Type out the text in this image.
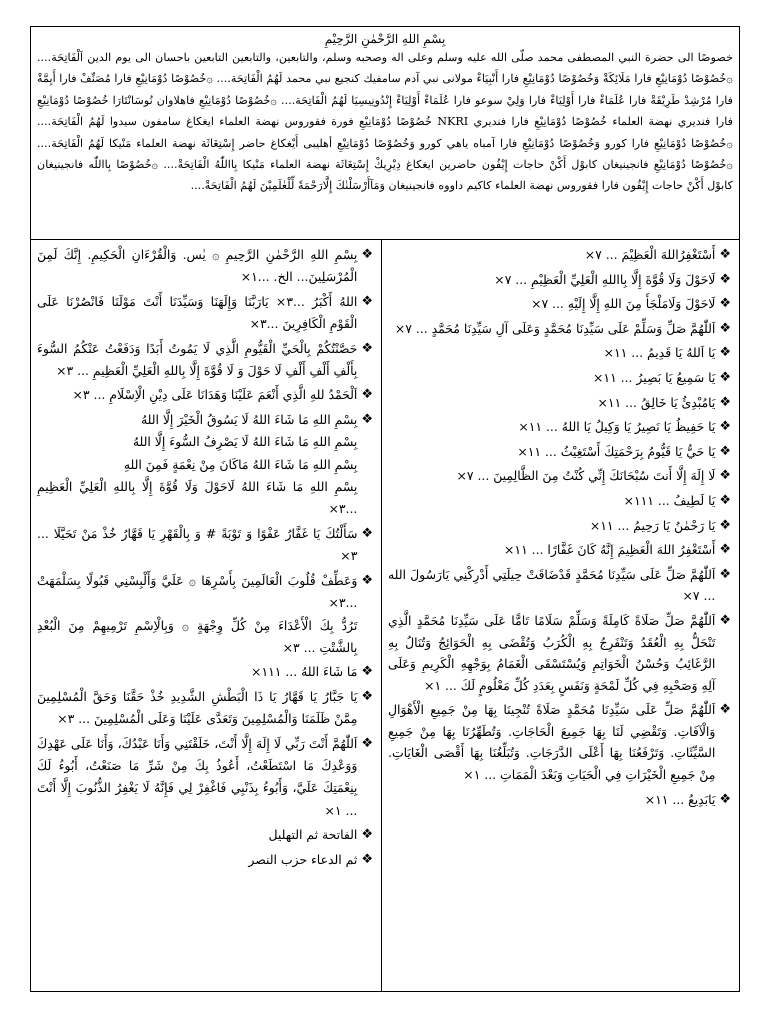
بِسْمِ اللهِ الرَّحْمٰنِ الرَّحِيْمِ
خصوصًا الى حضرة النبي المصطفى محمد صلّى الله عليه وسلم وعلى اله وصحبه وسلم، والتابعين، والتابعين التابعين باحسان الى يوم الدين اَلْفَاتِحَة.... ۞خُصُوْصًا دُوْمَانِيْعِ فارا مَلَائِكَةْ وَخُصُوْصًا دُوْمَانِيْعِ فارا أَنْبِيَاءْ مولانى نبي آدم سامفيك كنجيع نبي محمد لَهُمُ الْفَاتِحَة.... ۞خُصُوْصًا دُوْمَانِيْعِ فارا مُصَنِّفْ فارا أَيِمَّةْ فارا مُرْشِدْ طَرِيْقَةْ فارا عُلَمَاءْ فارا أَوْلِيَاءْ فارا وَلِيْ سوعو فارا عُلَمَاءْ أَوْلِيَاءْ إِنْدُونِيسِيَا لَهُمُ الْفَاتِحَة.... ۞خُصُوْصًا دُوْمَانِيْعِ فاهلاوان نُوسَانْتَارَا خُصُوْصًا دُوْمَانِيْعِ فارا فنديري نهضة العلماء خُصُوْصًا دُوْمَانِيْعِ فارا فنديري NKRI خُصُوْصًا دُوْمَانِيْعِ فورة فقوروس نهضة العلماء ايغكاغ سامفون سيدوا لَهُمُ الْفَاتِحَة.... ۞خُصُوْصًا دُوْمَانِيْعِ فارا كورو وَخُصُوْصًا دُوْمَانِيْعِ فارا آمباه ياهي كورو وَخُصُوْصًا دُوْمَانِيْعِ أهليبى أَيْغكاغ حاضر إِسْتِغَاثَة نهضة العلماء مَنْيكا لَهُمُ الْفَاتِحَة.... ۞خُصُوْصًا دُوْمَانِيْعِ فانجينيغان كابوْل أَكْنْ حاجات إِيْفُون حاضرين ايغكاغ دِيْرِيكْ إِسْتِغَاثَة نهضة العلماء مَنْيكا بِااللّٰهُ الْفَاتِحَةْ.... ۞خُصُوْصًا بِااللّٰه فانجينيغان كابوْل أَكْنْ حاجات إِيْفُون فارا فقوروس نهضة العلماء كاكيم داووه فانجينيغان وَمَآأَرْسَلْنٰكَ إِلَّارَحْمَةً لِّلْعٰلَمِيْنَ لَهُمُ الْفَاتِحَةْ....
❖
أَسْتَغْفِرُاللهَ الْعَظِيْمَ ... ٧×
❖
لَاحَوْلَ وَلَا قُوَّةَ إِلَّا بِااللهِ الْعَلِيِّ الْعَظِيْمِ ... ٧×
❖
لَاحَوْلَ وَلَامَلْجَأَ مِنَ اللهِ إِلَّا إِلَيْهِ ... ٧×
❖
اَللّٰهُمَّ صَلِّ وَسَلِّمْ عَلَى سَيِّدِنَا مُحَمَّدٍ وَعَلَى آلِ سَيِّدِنَا مُحَمَّدٍ ... ٧×
❖
يَا اَللهُ يَا قَدِيمُ ... ١١×
❖
يَا سَمِيعُ يَا بَصِيرُ ... ١١×
❖
يَامُبْدِئُ يَا خَالِقُ ... ١١×
❖
يَا حَفِيظُ يَا نَصِيرُ يَا وَكِيلُ يَا اللهُ ... ١١×
❖
يَا حَيُّ يَا قَيُّومُ بِرَحْمَتِكَ أَسْتَغِيْثُ ... ١١×
❖
لَا إِلَهَ إِلَّا أَنتَ سُبْحَانَكَ إِنِّي كُنْتُ مِنَ الظَّالِمِينَ ... ٧×
❖
يَا لَطِيفُ ... ١١١×
❖
يَا رَحْمٰنُ يَا رَحِيمُ ... ١١×
❖
أَسْتَغْفِرُ اللهَ الْعَظِيمَ إِنَّهُ كَانَ غَفَّارًا ... ١١×
❖
اَللّٰهُمَّ صَلِّ عَلَى سَيِّدِنَا مُحَمَّدٍ قَدْضَاقَتْ حِيلَتِي أَدْرِكْنِي يَارَسُولَ الله ... ٧×
❖
اَللّٰهُمَّ صَلِّ صَلَاةً كَامِلَةً وَسَلِّمْ سَلَامًا تَامًّا عَلَى سَيِّدِنَا مُحَمَّدٍ الَّذِي تَنْحَلُّ بِهِ الْعُقَدُ وَتَنْفَرِجُ بِهِ الْكُرَبُ وَتُقْضَى بِهِ الْحَوَائِجُ وَتُنَالُ بِهِ الرَّغَائِبُ وَحُسْنُ الْخَوَاتِمِ وَيُسْتَسْقَى الْغَمَامُ بِوَجْهِهِ الْكَرِيمِ وَعَلَى آلِهِ وَصَحْبِهِ فِي كُلِّ لَمْحَةٍ وَنَفَسٍ بِعَدَدِ كُلِّ مَعْلُومٍ لَكَ ... ١×
❖
اَللّٰهُمَّ صَلِّ عَلَى سَيِّدِنَا مُحَمَّدٍ صَلَاةً تُنْجِينَا بِهَا مِنْ جَمِيعِ الْأَهْوَالِ وَالْآفَاتِ. وَتَقْضِي لَنَا بِهَا جَمِيعَ الْحَاجَاتِ. وَتُطَهِّرُنَا بِهَا مِنْ جَمِيعِ السَّيِّئَاتِ. وَتَرْفَعُنَا بِهَا أَعْلَى الدَّرَجَاتِ. وَتُبَلِّغُنَا بِهَا أَقْصَى الْغَايَاتِ. مِنْ جَمِيعِ الْخَيْرَاتِ فِي الْحَيَاتِ وَبَعْدَ الْمَمَاتِ ... ١×
❖
يَابَدِيعُ ... ١١×
❖
بِسْمِ اللهِ الرَّحْمٰنِ الرَّحِيمِ ۞ يٰس. وَالْقُرْءَانِ الْحَكِيمِ. إِنَّكَ لَمِنَ الْمُرْسَلِينَ... الخ. ...١×
❖
اللهُ أَكْبَرُ ...٣× يَارَبَّنَا وَإِلَهَنَا وَسَيِّدَنَا أَنْتَ مَوْلَنَا فَانْصُرْنَا عَلَى الْقَوْمِ الْكَافِرِينَ ...٣×
❖
حَصَّنْتُكُمْ بِالْحَيِّ الْقَيُّومِ الَّذِي لَا يَمُوتُ أَبَدًا وَدَفَعْتُ عَنْكُمُ السُّوءَ بِأَلْفِ أَلْفِ أَلْفِ لَا حَوْلَ وَ لَا قُوَّةَ إِلَّا بِاللهِ الْعَلِيِّ الْعَظِيمِ ... ٣×
❖
اَلْحَمْدُ للهِ الَّذِي أَنْعَمَ عَلَيْنَا وَهَدَانَا عَلَى دِيْنِ الْاِسْلَامِ ... ٣×
❖
بِسْمِ اللهِ مَا شَاءَ اللهُ لَا يَسُوقُ الْخَيْرَ إِلَّا اللهُ
بِسْمِ اللهِ مَا شَاءَ اللهُ لَا يَصْرِفُ السُّوءَ إِلَّا اللهُ
بِسْمِ اللهِ مَا شَاءَ اللهُ مَاكَانَ مِنْ نِعْمَةٍ فَمِنَ اللهِ
بِسْمِ اللهِ مَا شَاءَ اللهُ لَاحَوْلَ وَلَا قُوَّةَ إِلَّا بِاللهِ الْعَلِيِّ الْعَظِيمِ ...٣×
❖
سَأَلْتُكَ يَا غَفَّارُ عَفْوًا وَ تَوْبَةً # وَ بِالْقَهْرِ يَا قَهَّارُ خُذْ مَنْ تَحَيَّلَا ... ٣×
❖
وَعَطِّفْ قُلُوبَ الْعَالَمِينَ بِأَسْرِهَا ۞ عَلَيَّ وَأَلْبِسْنِي قَبُولًا بِسَلْمَهَتْ ...٣×
تَرُدُّ بِكَ الْأَعْدَاءَ مِنْ كُلِّ وِجْهَةٍ ۞ وَبِالْاِسْمِ تَرْمِيهِمْ مِنَ الْبُعْدِ بِالشَّتْتِ ... ٣×
❖
مَا شَاءَ اللهُ ... ١١١×
❖
يَا جَبَّارُ يَا قَهَّارُ يَا ذَا الْبَطْشِ الشَّدِيدِ خُذْ حَقَّنَا وَحَقَّ الْمُسْلِمِينَ مِمَّنْ ظَلَمَنَا وَالْمُسْلِمِينَ وَتَعَدَّى عَلَيْنَا وَعَلَى الْمُسْلِمِينَ ... ٣×
❖
اَللّٰهُمَّ أَنْتَ رَبِّي لَا إِلَهَ إِلَّا أَنْتَ، خَلَقْتَنِي وَأَنَا عَبْدُكَ، وَأَنَا عَلَى عَهْدِكَ وَوَعْدِكَ مَا اسْتَطَعْتُ، أَعُوذُ بِكَ مِنْ شَرِّ مَا صَنَعْتُ، أَبُوءُ لَكَ بِنِعْمَتِكَ عَلَيَّ، وَأَبُوءُ بِذَنْبِي فَاغْفِرْ لِي فَإِنَّهُ لَا يَغْفِرُ الذُّنُوبَ إِلَّا أَنْتَ ... ١×
❖
الفاتحة ثم التهليل
❖
ثم الدعاء حزب النصر
